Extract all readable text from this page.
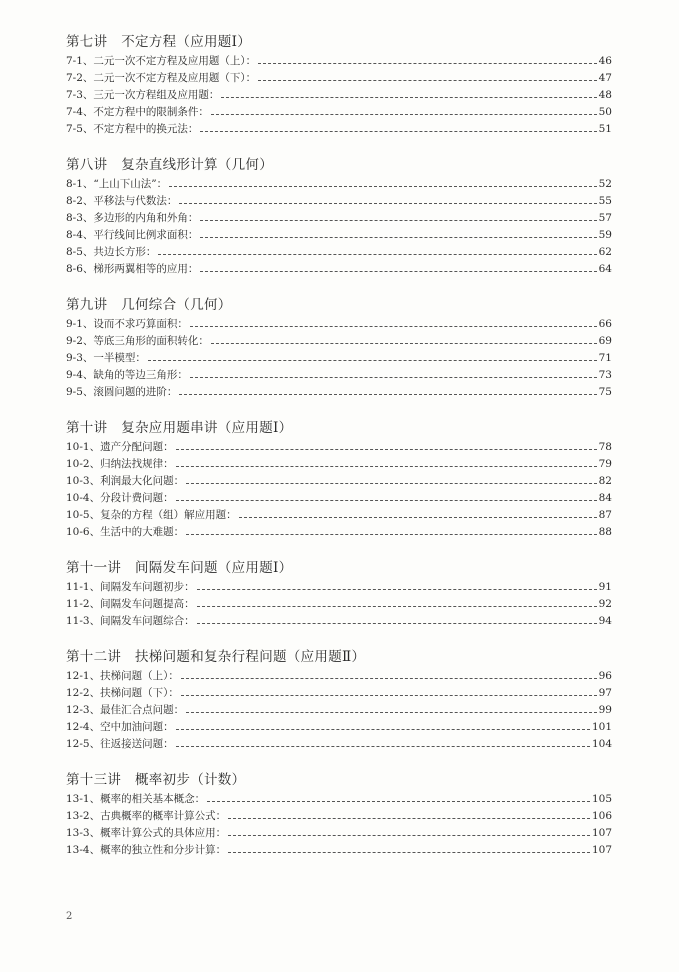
第七讲　不定方程（应用题Ⅰ）
7-1、二元一次不定方程及应用题（上）：	46
7-2、二元一次不定方程及应用题（下）：	47
7-3、三元一次方程组及应用题：	48
7-4、不定方程中的限制条件：	50
7-5、不定方程中的换元法：	51
第八讲　复杂直线形计算（几何）
8-1、“上山下山法”：	52
8-2、平移法与代数法：	55
8-3、多边形的内角和外角：	57
8-4、平行线间比例求面积：	59
8-5、共边长方形：	62
8-6、梯形两翼相等的应用：	64
第九讲　几何综合（几何）
9-1、设而不求巧算面积：	66
9-2、等底三角形的面积转化：	69
9-3、一半模型：	71
9-4、缺角的等边三角形：	73
9-5、滚圆问题的进阶：	75
第十讲　复杂应用题串讲（应用题Ⅰ）
10-1、遗产分配问题：	78
10-2、归纳法找规律：	79
10-3、利润最大化问题：	82
10-4、分段计费问题：	84
10-5、复杂的方程（组）解应用题：	87
10-6、生活中的大难题：	88
第十一讲　间隔发车问题（应用题Ⅰ）
11-1、间隔发车问题初步：	91
11-2、间隔发车问题提高：	92
11-3、间隔发车问题综合：	94
第十二讲　扶梯问题和复杂行程问题（应用题Ⅱ）
12-1、扶梯问题（上）：	96
12-2、扶梯问题（下）：	97
12-3、最佳汇合点问题：	99
12-4、空中加油问题：	101
12-5、往返接送问题：	104
第十三讲　概率初步（计数）
13-1、概率的相关基本概念：	105
13-2、古典概率的概率计算公式：	106
13-3、概率计算公式的具体应用：	107
13-4、概率的独立性和分步计算：	107
2
